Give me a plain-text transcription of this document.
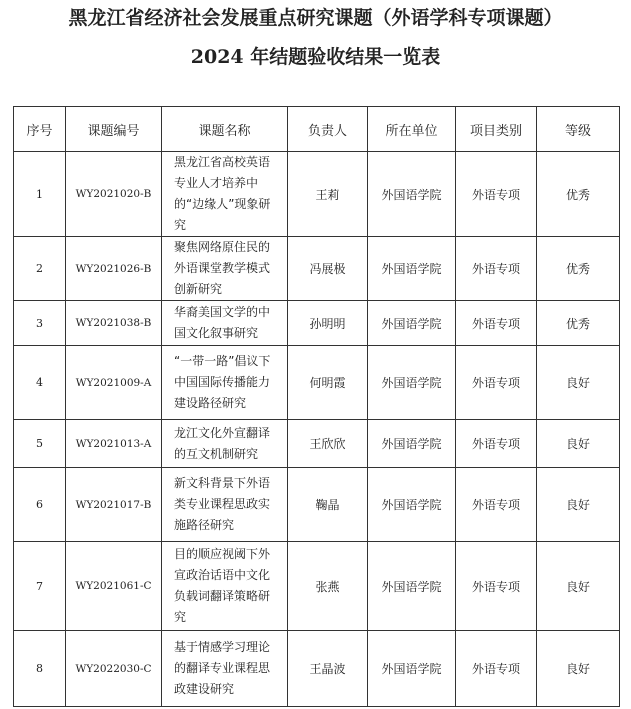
黑龙江省经济社会发展重点研究课题（外语学科专项课题）
2024 年结题验收结果一览表
序号	课题编号	课题名称	负责人	所在单位	项目类别	等级
1	WY2021020-B	黑龙江省高校英语专业人才培养中的“边缘人”现象研究	王莉	外国语学院	外语专项	优秀
2	WY2021026-B	聚焦网络原住民的外语课堂教学模式创新研究	冯展极	外国语学院	外语专项	优秀
3	WY2021038-B	华裔美国文学的中国文化叙事研究	孙明明	外国语学院	外语专项	优秀
4	WY2021009-A	“一带一路”倡议下中国国际传播能力建设路径研究	何明霞	外国语学院	外语专项	良好
5	WY2021013-A	龙江文化外宣翻译的互文机制研究	王欣欣	外国语学院	外语专项	良好
6	WY2021017-B	新文科背景下外语类专业课程思政实施路径研究	鞠晶	外国语学院	外语专项	良好
7	WY2021061-C	目的顺应视阈下外宣政治话语中文化负载词翻译策略研究	张燕	外国语学院	外语专项	良好
8	WY2022030-C	基于情感学习理论的翻译专业课程思政建设研究	王晶波	外国语学院	外语专项	良好
